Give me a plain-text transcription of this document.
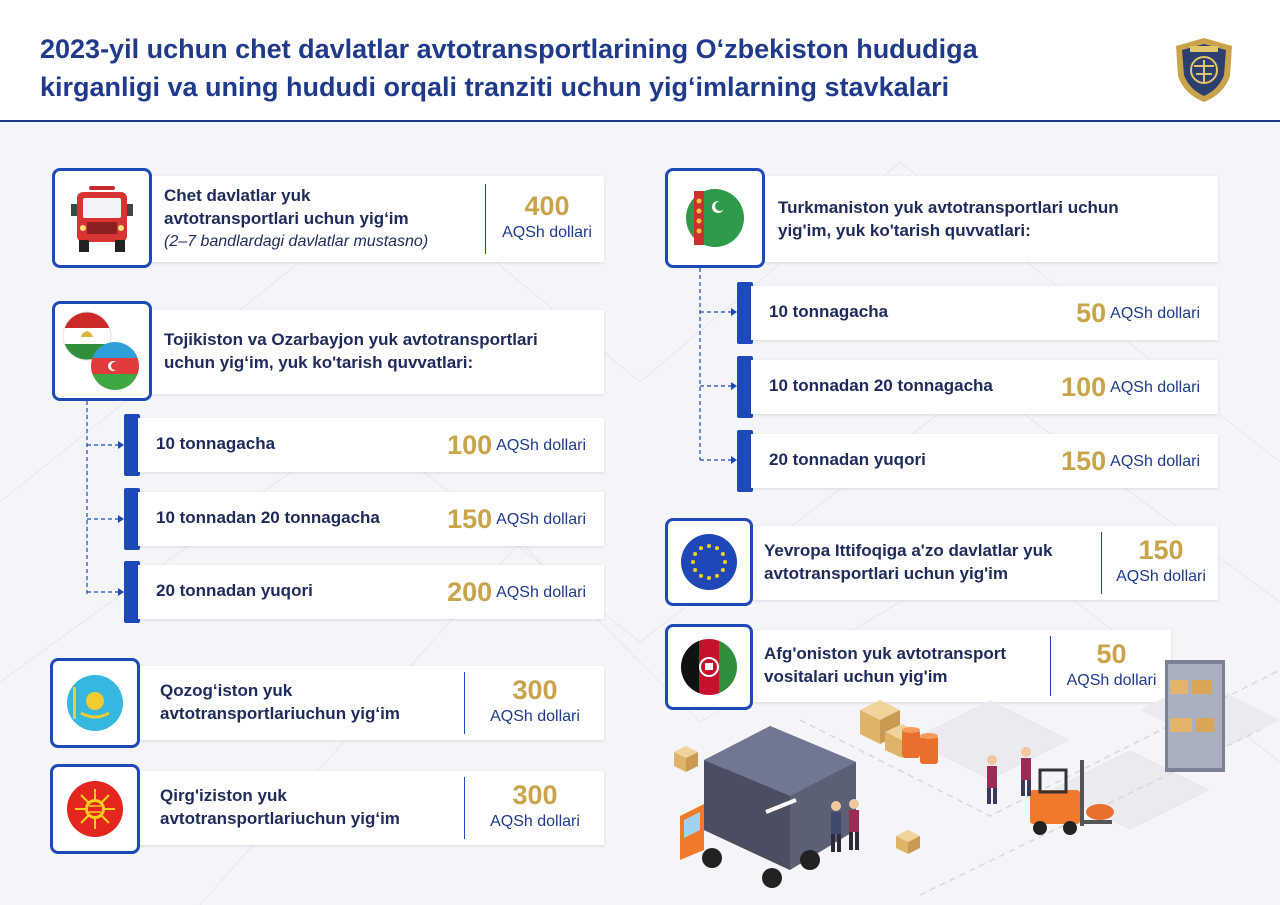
2023-yil uchun chet davlatlar avtotransportlarining Oʻzbekiston hududiga
kirganligi va uning hududi orqali tranziti uchun yigʻimlarning stavkalari
Chet davlatlar yuk
avtotransportlari uchun yigʻim
(2–7 bandlardagi davlatlar mustasno)
400
AQSh dollari
Tojikiston va Ozarbayjon yuk avtotransportlari
uchun yigʻim, yuk ko'tarish quvvatlari:
10 tonnagacha	100 AQSh dollari
10 tonnadan 20 tonnagacha 150 AQSh dollari
20 tonnadan yuqori	200 AQSh dollari
Qozogʻiston yuk
avtotransportlariuchun yigʻim
300
AQSh dollari
Qirg'iziston yuk
avtotransportlariuchun yigʻim
300
AQSh dollari
Turkmaniston yuk avtotransportlari uchun
yig'im, yuk ko'tarish quvvatlari:
10 tonnagacha	50 AQSh dollari
10 tonnadan 20 tonnagacha	100 AQSh dollari
20 tonnadan yuqori	150 AQSh dollari
Yevropa Ittifoqiga a'zo davlatlar yuk
avtotransportlari uchun yig'im
150
AQSh dollari
Afg'oniston yuk avtotransport
vositalari uchun yig'im
50
AQSh dollari
